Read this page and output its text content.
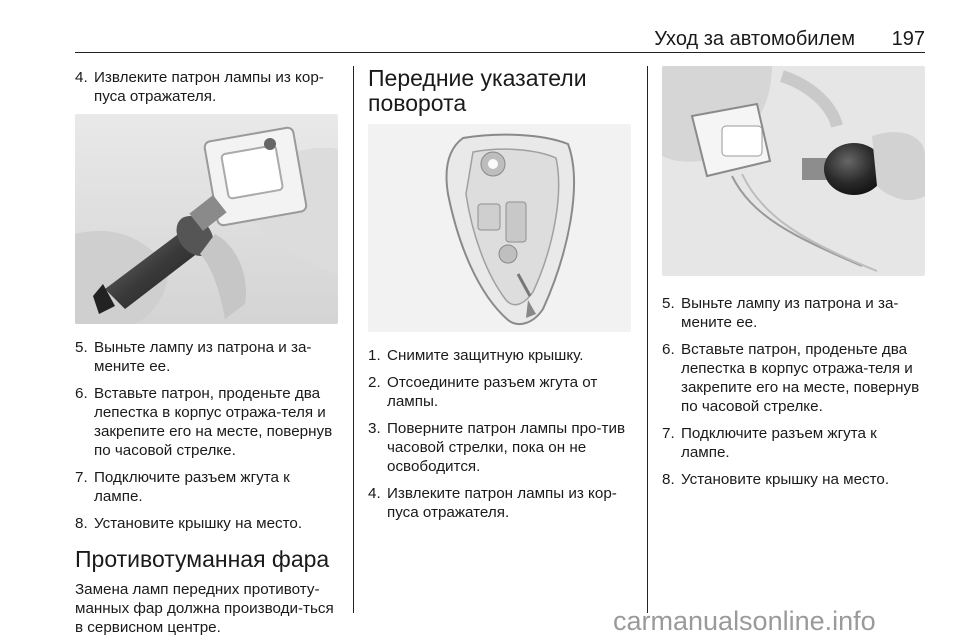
Уход за автомобилем 197
4. Извлеките патрон лампы из кор-пуса отражателя.
5. Выньте лампу из патрона и за-мените ее.
6. Вставьте патрон, проденьте два лепестка в корпус отража-теля и закрепите его на месте, повернув по часовой стрелке.
7. Подключите разъем жгута к лампе.
8. Установите крышку на место.
Противотуманная фара

Замена ламп передних противоту-манных фар должна производи-ться в сервисном центре.

Передние указатели поворота
1. Снимите защитную крышку.
2. Отсоедините разъем жгута от лампы.
3. Поверните патрон лампы про-тив часовой стрелки, пока он не освободится.
4. Извлеките патрон лампы из кор-пуса отражателя.
5. Выньте лампу из патрона и за-мените ее.
6. Вставьте патрон, проденьте два лепестка в корпус отража-теля и закрепите его на месте, повернув по часовой стрелке.
7. Подключите разъем жгута к лампе.
8. Установите крышку на место.
carmanualsonline.info
